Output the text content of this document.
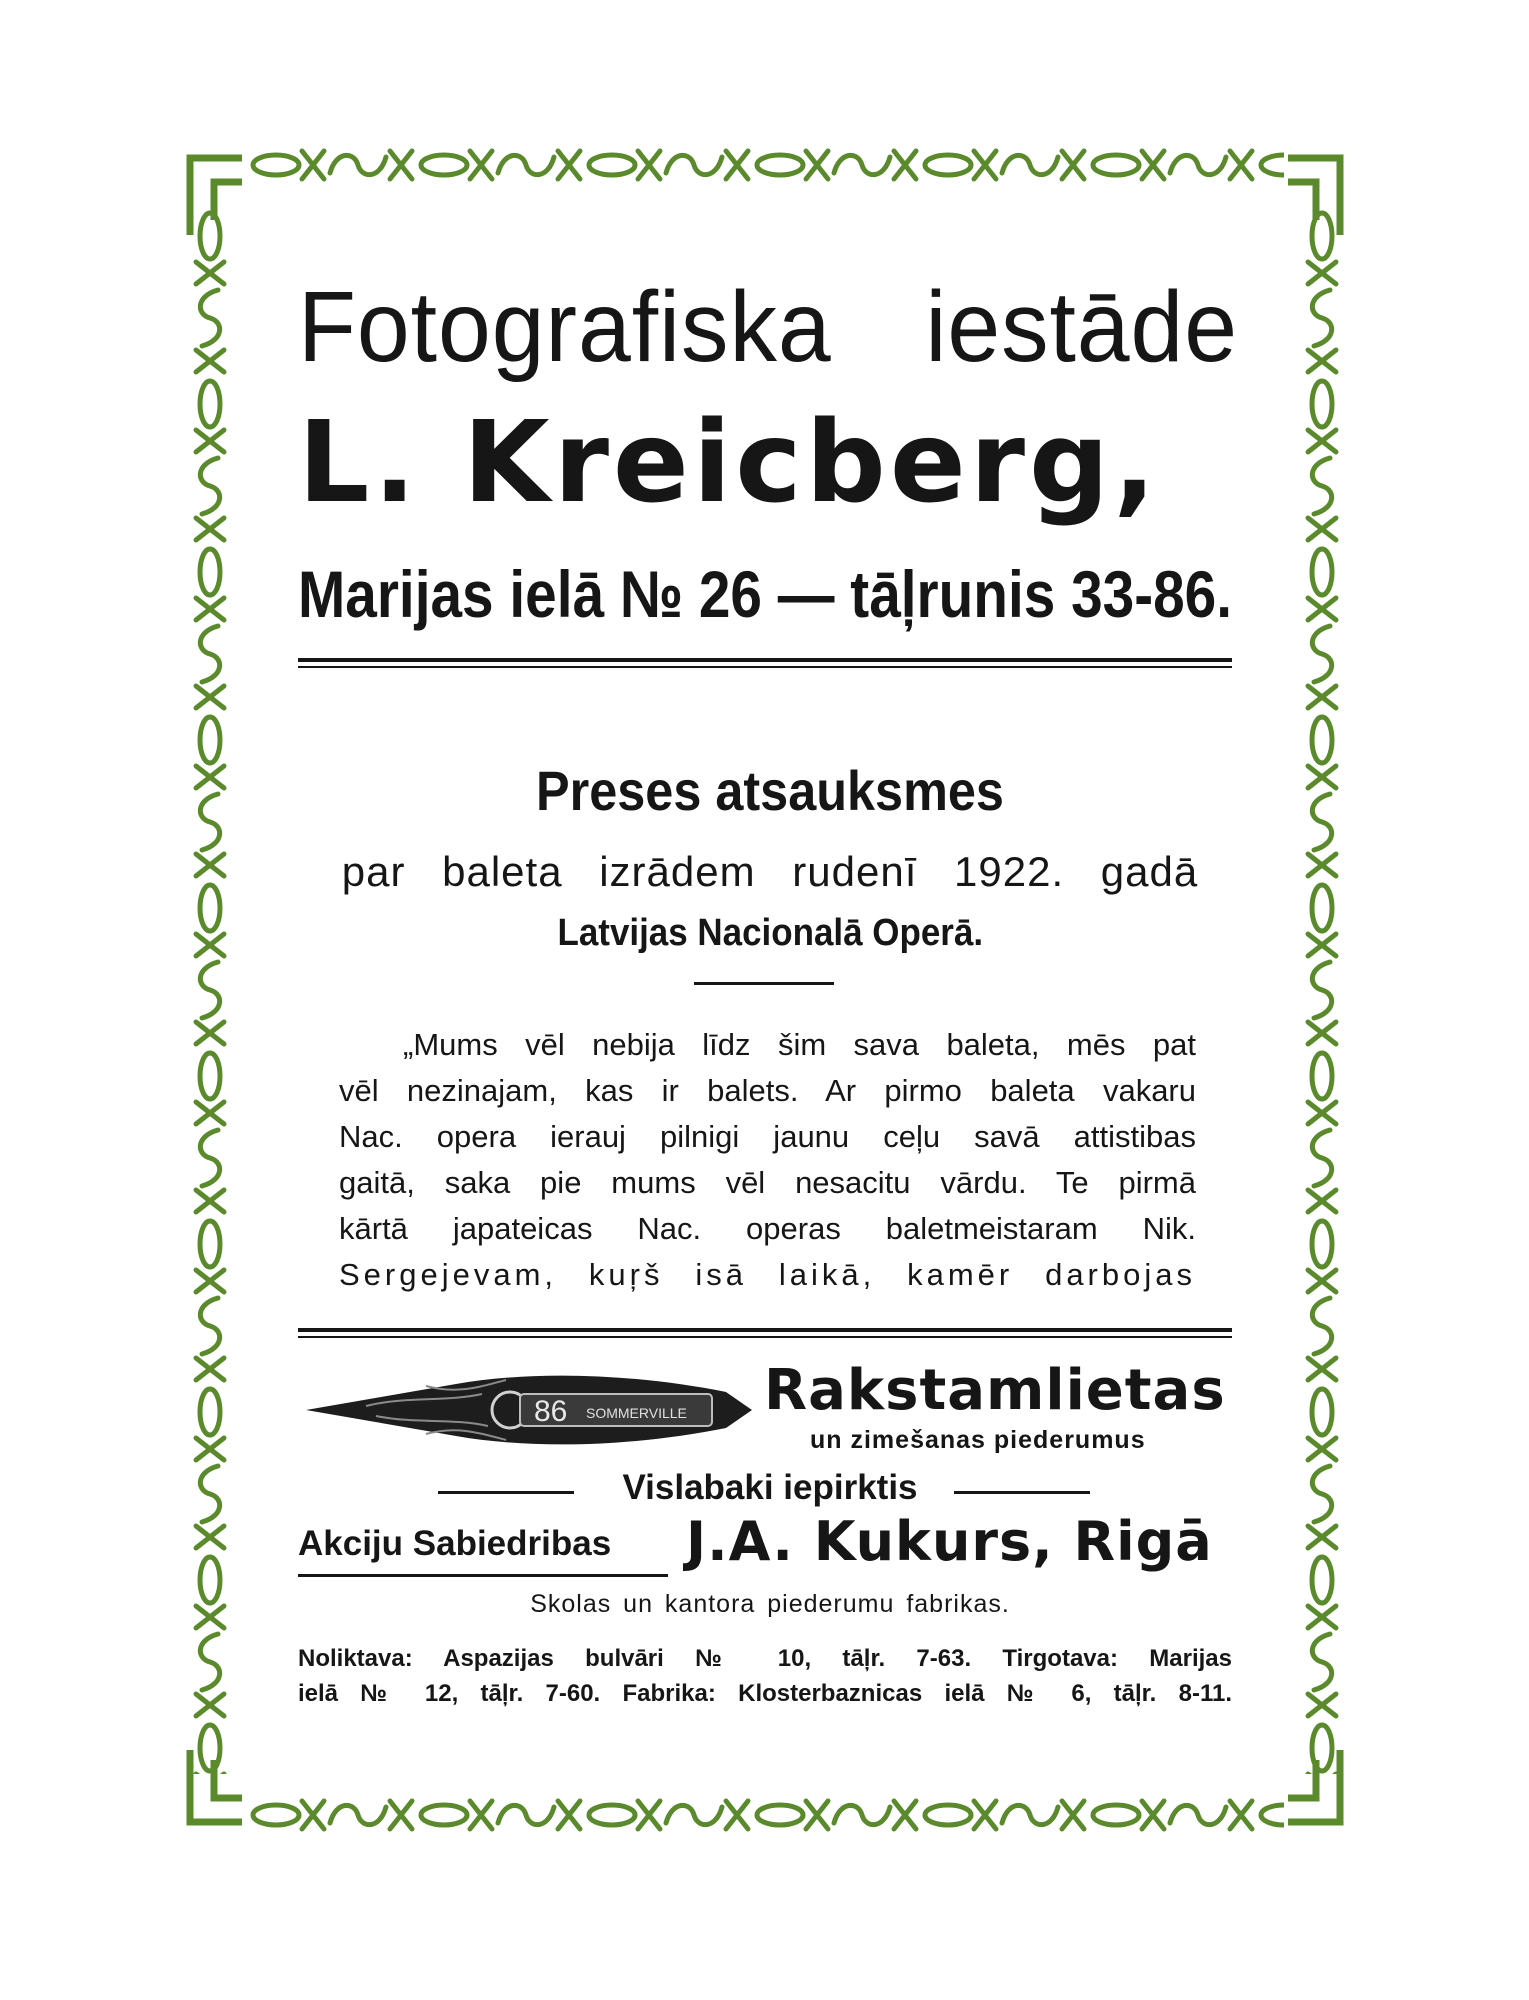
Fotografiska iestāde
L. Kreicberg,
Marijas ielā № 26 — tāļrunis 33-86.
Preses atsauksmes
par baleta izrādem rudenī 1922. gadā
Latvijas Nacionalā Operā.
„Mums vēl nebija līdz šim sava baleta, mēs pat
vēl nezinajam, kas ir balets. Ar pirmo baleta vakaru
Nac. opera ierauj pilnigi jaunu ceļu savā attistibas
gaitā, saka pie mums vēl nesacitu vārdu. Te pirmā
kārtā japateicas Nac. operas baletmeistaram Nik.
Sergejevam, kuŗš isā laikā, kamēr darbojas
86 SOMMERVILLE Rakstamlietas
un zimešanas piederumus
Vislabaki iepirktis
Akciju Sabiedribas J.A. Kukurs, Rigā
Skolas un kantora piederumu fabrikas.
Noliktava: Aspazijas bulvāri № 10, tāļr. 7-63. Tirgotava: Marijas
ielā № 12, tāļr. 7-60. Fabrika: Klosterbaznicas ielā № 6, tāļr. 8-11.
